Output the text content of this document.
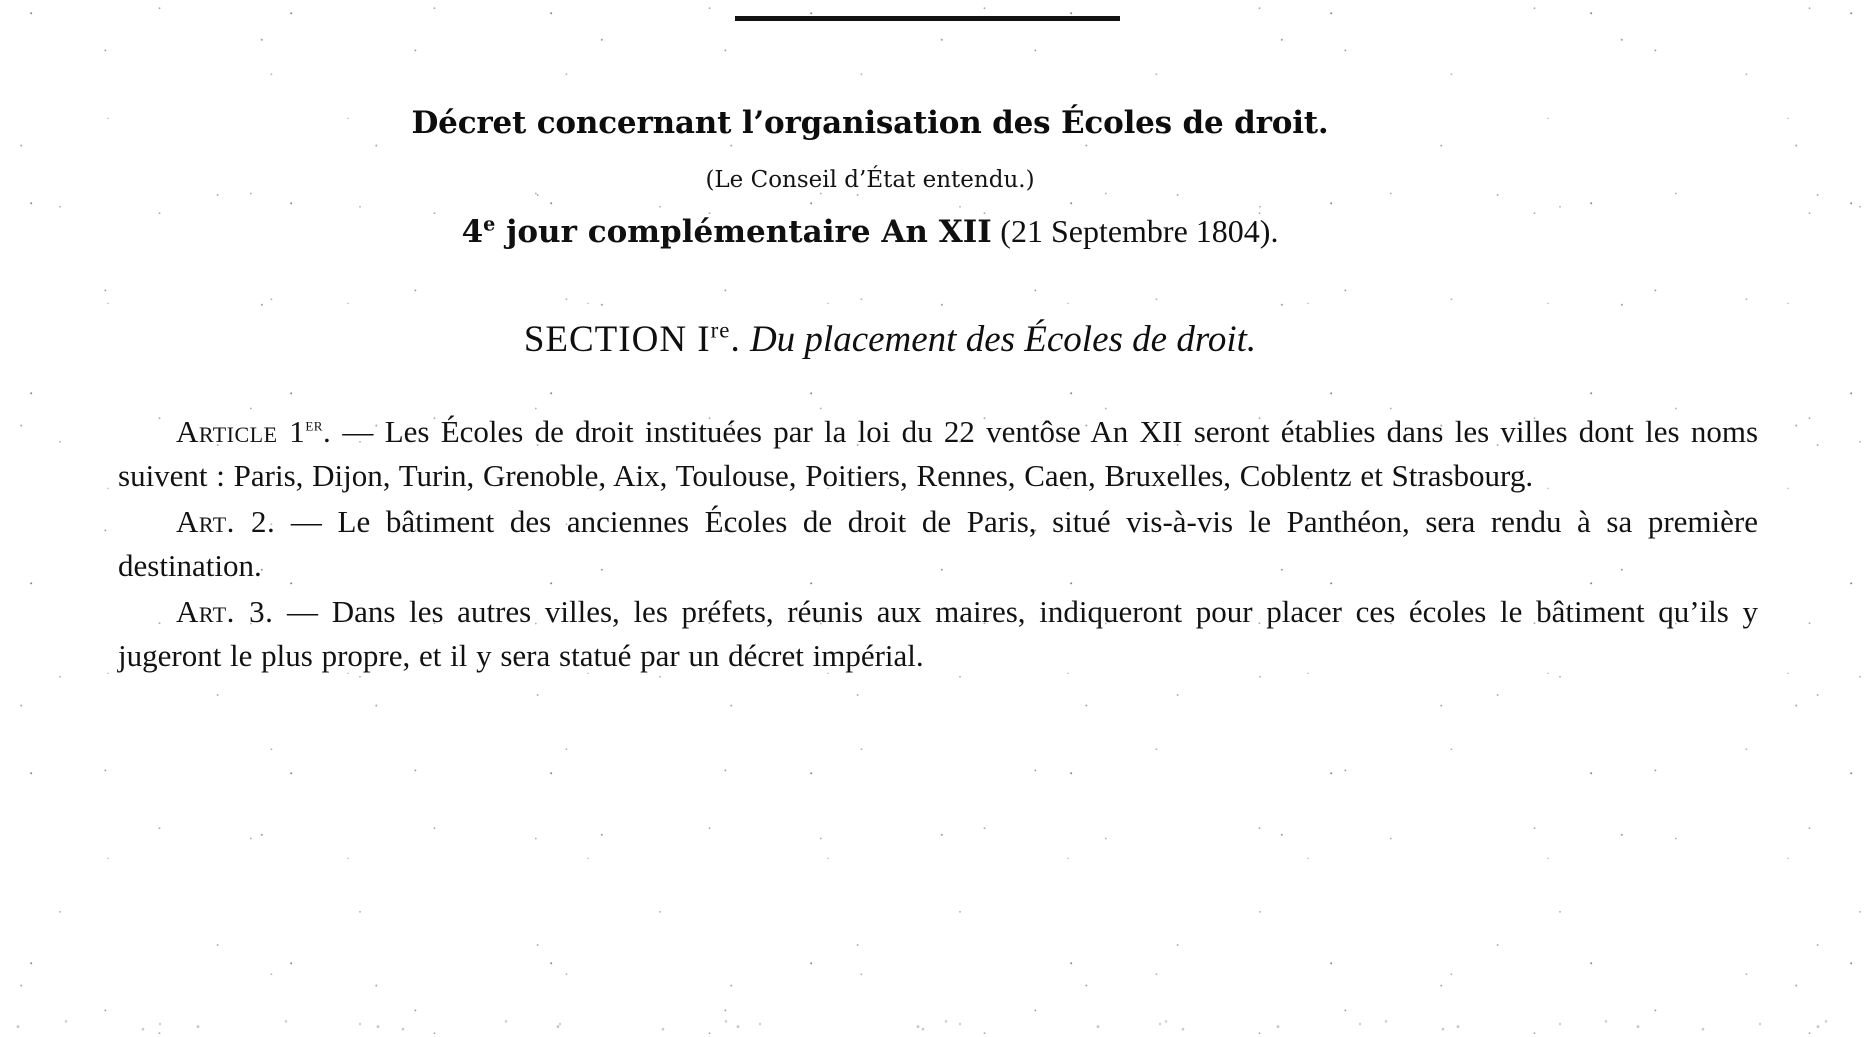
Décret concernant l’organisation des Écoles de droit.
(Le Conseil d’État entendu.)
4e jour complémentaire An XII (21 Septembre 1804).
SECTION Ire. Du placement des Écoles de droit.

Article 1er. — Les Écoles de droit instituées par la loi du 22 ventôse An XII seront établies dans les villes dont les noms suivent : Paris, Dijon, Turin, Grenoble, Aix, Toulouse, Poitiers, Rennes, Caen, Bruxelles, Coblentz et Strasbourg.

Art. 2. — Le bâtiment des anciennes Écoles de droit de Paris, situé vis-à-vis le Panthéon, sera rendu à sa première destination.

Art. 3. — Dans les autres villes, les préfets, réunis aux maires, indiqueront pour placer ces écoles le bâtiment qu’ils y jugeront le plus propre, et il y sera statué par un décret impérial.
